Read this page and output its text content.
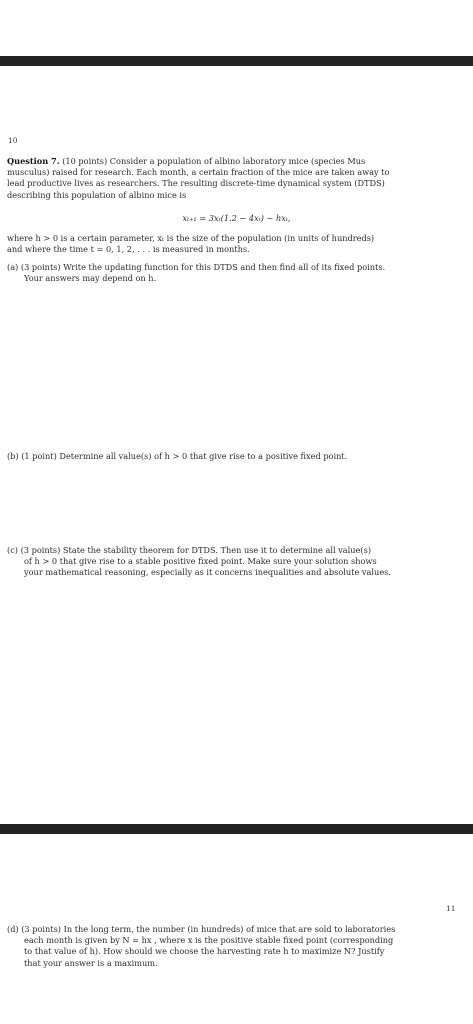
10
Question 7. (10 points) Consider a population of albino laboratory mice (species Mus
musculus) raised for research. Each month, a certain fraction of the mice are taken away to
lead productive lives as researchers. The resulting discrete-time dynamical system (DTDS)
describing this population of albino mice is
xₜ₊₁ = 3xₜ(1.2 − 4xₜ) − hxₜ,
where h > 0 is a certain parameter, xₜ is the size of the population (in units of hundreds)
and where the time t = 0, 1, 2, . . . is measured in months.
(a) (3 points) Write the updating function for this DTDS and then find all of its fixed points.
Your answers may depend on h.
(b) (1 point) Determine all value(s) of h > 0 that give rise to a positive fixed point.
(c) (3 points) State the stability theorem for DTDS. Then use it to determine all value(s)
of h > 0 that give rise to a stable positive fixed point. Make sure your solution shows
your mathematical reasoning, especially as it concerns inequalities and absolute values.
11
(d) (3 points) In the long term, the number (in hundreds) of mice that are sold to laboratories
each month is given by N = hx , where x is the positive stable fixed point (corresponding
to that value of h). How should we choose the harvesting rate h to maximize N? Justify
that your answer is a maximum.
